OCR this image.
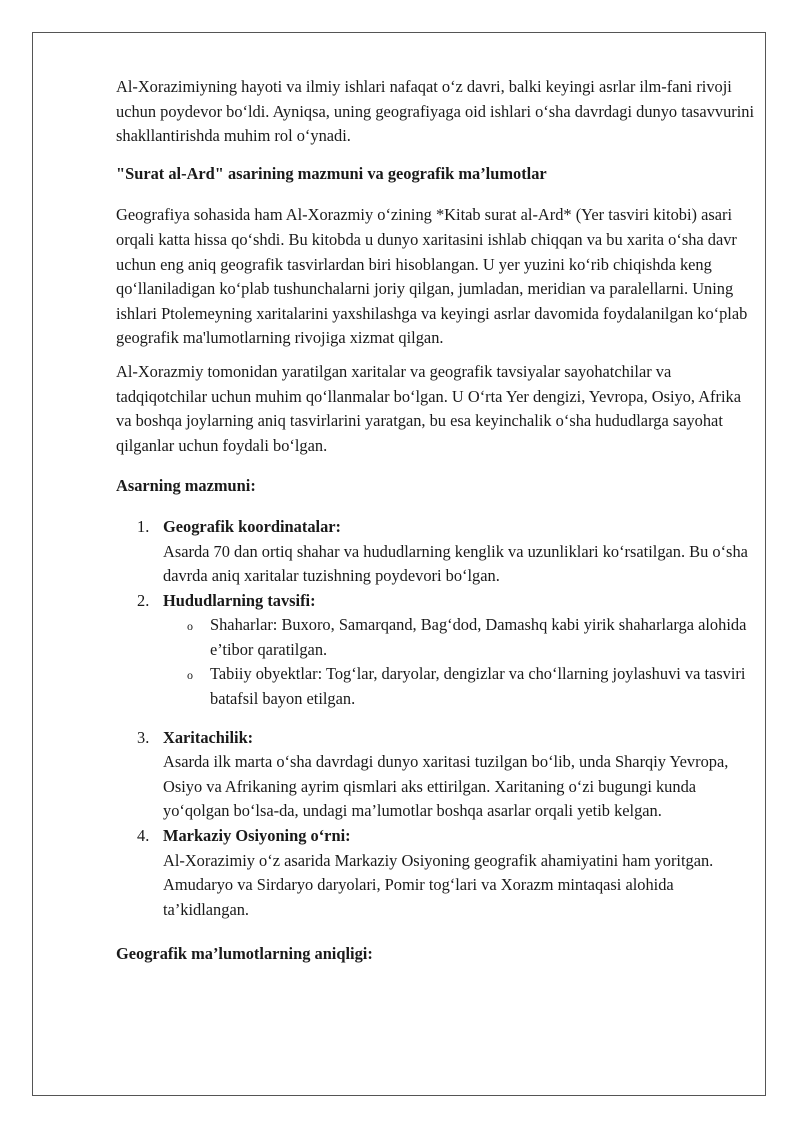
Al-Xorazimiyning hayoti va ilmiy ishlari nafaqat o‘z davri, balki keyingi asrlar ilm-fani rivoji uchun poydevor bo‘ldi. Ayniqsa, uning geografiyaga oid ishlari o‘sha davrdagi dunyo tasavvurini shakllantirishda muhim rol o‘ynadi.

"Surat al-Ard" asarining mazmuni va geografik ma’lumotlar

Geografiya sohasida ham Al-Xorazmiy o‘zining *Kitab surat al-Ard* (Yer tasviri kitobi) asari orqali katta hissa qo‘shdi. Bu kitobda u dunyo xaritasini ishlab chiqqan va bu xarita o‘sha davr uchun eng aniq geografik tasvirlardan biri hisoblangan. U yer yuzini ko‘rib chiqishda keng qo‘llaniladigan ko‘plab tushunchalarni joriy qilgan, jumladan, meridian va paralellarni. Uning ishlari Ptolemeyning xaritalarini yaxshilashga va keyingi asrlar davomida foydalanilgan ko‘plab geografik ma'lumotlarning rivojiga xizmat qilgan.

Al-Xorazmiy tomonidan yaratilgan xaritalar va geografik tavsiyalar sayohatchilar va tadqiqotchilar uchun muhim qo‘llanmalar bo‘lgan. U O‘rta Yer dengizi, Yevropa, Osiyo, Afrika va boshqa joylarning aniq tasvirlarini yaratgan, bu esa keyinchalik o‘sha hududlarga sayohat qilganlar uchun foydali bo‘lgan.

Asarning mazmuni:

1. Geografik koordinatalar:
Asarda 70 dan ortiq shahar va hududlarning kenglik va uzunliklari ko‘rsatilgan. Bu o‘sha davrda aniq xaritalar tuzishning poydevori bo‘lgan.
2. Hududlarning tavsifi:
o Shaharlar: Buxoro, Samarqand, Bag‘dod, Damashq kabi yirik shaharlarga alohida e’tibor qaratilgan.
o Tabiiy obyektlar: Tog‘lar, daryolar, dengizlar va cho‘llarning joylashuvi va tasviri batafsil bayon etilgan.
3. Xaritachilik:
Asarda ilk marta o‘sha davrdagi dunyo xaritasi tuzilgan bo‘lib, unda Sharqiy Yevropa, Osiyo va Afrikaning ayrim qismlari aks ettirilgan. Xaritaning o‘zi bugungi kunda yo‘qolgan bo‘lsa-da, undagi ma’lumotlar boshqa asarlar orqali yetib kelgan.
4. Markaziy Osiyoning o‘rni:
Al-Xorazimiy o‘z asarida Markaziy Osiyoning geografik ahamiyatini ham yoritgan. Amudaryo va Sirdaryo daryolari, Pomir tog‘lari va Xorazm mintaqasi alohida ta’kidlangan.

Geografik ma’lumotlarning aniqligi:
